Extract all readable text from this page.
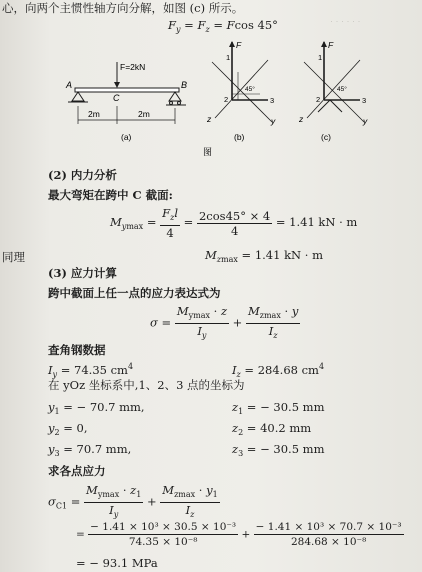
· · · · · ·
心，向两个主惯性轴方向分解，如图 (c) 所示。
$F_y = F_z = Fcos$ 45°
F=2kN
A
C
B
2m	2m
(a)
F
1
2	3
45°
z	y
(b)
F
1
2	3
45°
z	y
(c)
图
(2) 内力分析
最大弯矩在跨中 C 截面:
$M_{ymax} = \frac{F_zl}{4} = \frac{2\cos 45^\circ \times 4}{4} = 1.41$ kN · m
同理	$M_{zmax} = 1.41$ kN · m
(3) 应力计算
跨中截面上任一点的应力表达式为
$\sigma = \frac{M_{ymax} \cdot z}{I_y} + \frac{M_{zmax} \cdot y}{I_z}$
查角钢数据
$I_y = 74.35$ $cm^4$	$I_z = 284.68$ $cm^4$
在 yOz 坐标系中,1、2、3 点的坐标为
$y_1$ = − 70.7 mm,	$z_1$ = − 30.5 mm
$y_2 = 0$,	$z_2 = 40.2$ mm
$y_3 = 70.7$ mm,	$z_3$ = − 30.5 mm
求各点应力
$\sigma_{C1} = \frac{M_{ymax} \cdot z_1}{I_y} + \frac{M_{zmax} \cdot y_1}{I_z}$
= $\frac{\text{− 1.41 × 10³ × 30.5 × 10⁻³}}{\text{74.35 × 10⁻⁸}} + \frac{\text{− 1.41 × 10³ × 70.7 × 10⁻³}}{\text{284.68 × 10⁻⁸}}$
= − 93.1 MPa
